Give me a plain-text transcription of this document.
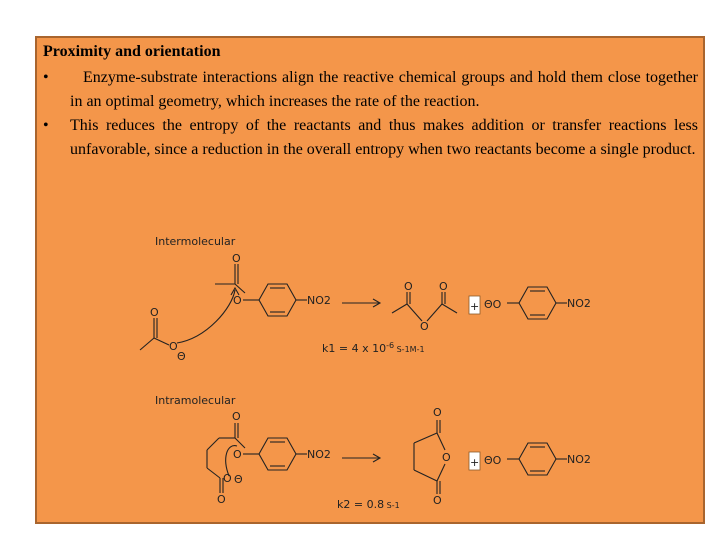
Proximity and orientation
•	Enzyme-substrate interactions align the reactive chemical groups and hold them close together in an optimal geometry, which increases the rate of the reaction.
• This reduces the entropy of the reactants and thus makes addition or transfer reactions less unfavorable, since a reduction in the overall entropy when two reactants become a single product.
Intermolecular
O
O
Θ
O
O	NO2
O
O
O
+ ΘO	NO2
k1 = 4 x $10^{-6}$ $_{S-1M-1}$
Intramolecular
O
O	NO2
O
O Θ
O
O
O
+ ΘO	NO2
k2 = 0.8 S-1
